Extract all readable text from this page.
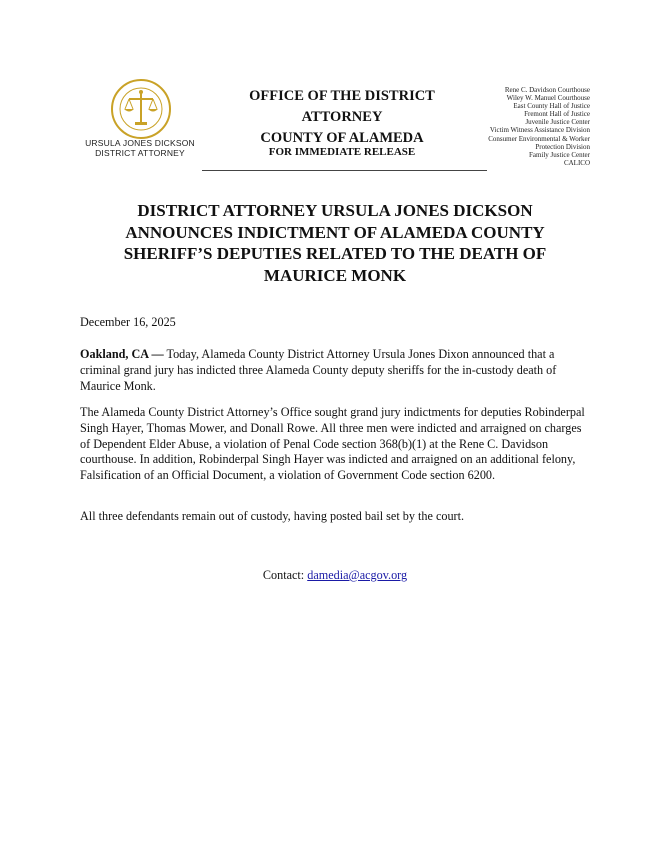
URSULA JONES DICKSON
DISTRICT ATTORNEY
OFFICE OF THE DISTRICT ATTORNEY
COUNTY OF ALAMEDA
FOR IMMEDIATE RELEASE
Rene C. Davidson Courthouse
Wiley W. Manuel Courthouse
East County Hall of Justice
Fremont Hall of Justice
Juvenile Justice Center
Victim Witness Assistance Division
Consumer Environmental & Worker
Protection Division
Family Justice Center
CALICO
DISTRICT ATTORNEY URSULA JONES DICKSON
ANNOUNCES INDICTMENT OF ALAMEDA COUNTY
SHERIFF’S DEPUTIES RELATED TO THE DEATH OF
MAURICE MONK

December 16, 2025

Oakland, CA — Today, Alameda County District Attorney Ursula Jones Dixon announced that a criminal grand jury has indicted three Alameda County deputy sheriffs for the in-custody death of Maurice Monk.

The Alameda County District Attorney’s Office sought grand jury indictments for deputies Robinderpal Singh Hayer, Thomas Mower, and Donall Rowe. All three men were indicted and arraigned on charges of Dependent Elder Abuse, a violation of Penal Code section 368(b)(1) at the Rene C. Davidson courthouse. In addition, Robinderpal Singh Hayer was indicted and arraigned on an additional felony, Falsification of an Official Document, a violation of Government Code section 6200.

All three defendants remain out of custody, having posted bail set by the court.

Contact: damedia@acgov.org
